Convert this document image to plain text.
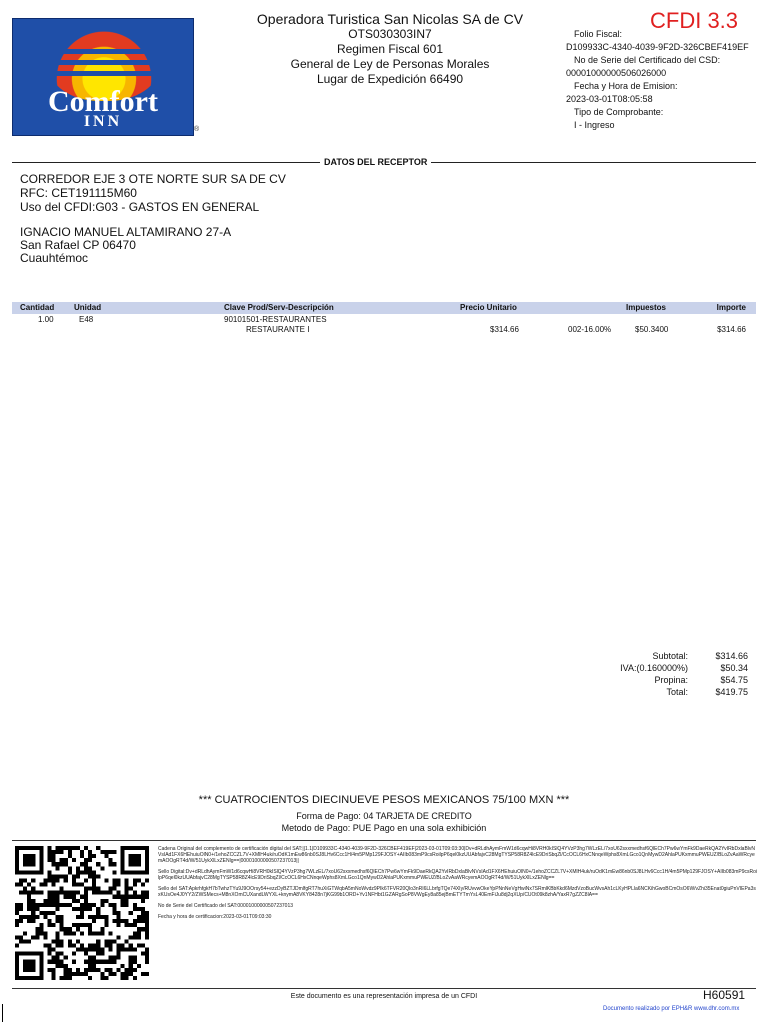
Comfort
INN	®
Operadora Turistica San Nicolas SA de CV
OTS030303IN7
Regimen Fiscal 601
General de Ley de Personas Morales
Lugar de Expedición 66490
CFDI 3.3
Folio Fiscal:
D109933C-4340-4039-9F2D-326CBEF419EF
No de Serie del Certificado del CSD:
00001000000506026000
Fecha y Hora de Emision:
2023-03-01T08:05:58
Tipo de Comprobante:
I - Ingreso
DATOS DEL RECEPTOR
CORREDOR EJE 3 OTE NORTE SUR SA DE CV
RFC: CET191115M60
Uso del CFDI:G03 - GASTOS EN GENERAL
IGNACIO MANUEL ALTAMIRANO 27-A
San Rafael CP 06470
Cuauhtémoc
Cantidad Unidad	Clave Prod/Serv-Descripción	Precio Unitario	Impuestos	Importe
1.00	E48	90101501-RESTAURANTES
RESTAURANTE I	$314.66	002-16.00%	$50.3400	$314.66
Subtotal:	$314.66
IVA:(0.160000%)	$50.34
Propina:	$54.75
Total:	$419.75
*** CUATROCIENTOS DIECINUEVE PESOS MEXICANOS 75/100 MXN ***
Forma de Pago: 04 TARJETA DE CREDITO
Metodo de Pago: PUE Pago en una sola exhibición

Cadena Original del complemento de certificación digital del SAT:||1.1|D109933C-4340-4039-9F2D-326CBEF419EF|2023-03-01T09:03:30|Dv+dRLdhAymFmW1d6cqwHi8VRH0kISlQ4YVzP3hg7WLzEL/7xoU62sxxmedhsf6QlECh7Pw6wYmFk9DaeRkQA2YvIRbDxlaBlvNVsIAd1FX6HEhuiuOlN0+/1ehoZCCZL7V+XMlH4uk/ruOdK1mEw86nb0SJ8LHv6Ccc1H/4m5PMp129FJOSY+AIIb083mP9csRoilpP6qel0kzUUAbfajvC28MgTYSP58R8Z4lcE9DriSbqZl/CcOCL6HxCNnqeWphs8XmLGco1QnMywD2AhlaPUKxmmuPWEUZ/BLoZvAaWRcyemAOOgRT4d/W/51UykXlLxZENlg==|00001000000507237013||

Sello Digital:Dv+dRLdhAymFmW1d6cqwHi8VRH0kISlQ4YVzP3hg7WLzEL/7xoU62sxxmedhsf6QlECh7Pw6wYmFk9DaeRkQA2YvIRbDxlaBlvNVsIAd1FX6HEhuiuOlN0+/1ehoZCCZL7V+XMlH4uk/ruOdK1mEw86nb0SJ8LHv6Ccc1H/4m5PMp129FJOSY+AIIb083mP9csRoilpP6qel0kzUUAbfajvC28MgTYSP58R8Z4lcE9DriSbqZl/CcOCL6HxCNnqeWphs8XmLGco1QnMywD2AhlaPUKxmmuPWEUZ/BLoZvAaWRcyemAOOgRT4d/W/51UykXlLxZENlg==

Sello del SAT:ApkrhfgkH7bTwhzTYu9J9OOrsy54+ezzDyBZTJDmlfgRT7huXiGTWqbA5mNoWvdz9PIk6TFVR20Qlo3nRI6LLbrfgTQe74XIy/RUvvwOkeYpPNnNeVgHwiNx7SRmlKBbKkd6MzdVzoBucWvsAh1cLKyHPLla6NCKihGwoBCmOsO6W/vZhi35Enat0giuPnVIEPa3sxKUsOe4J0YY2/ZWSMecs+M8nXOmCUXandLWYXL+knymA8VKY8428n7jKG99b1ORD+Yv1NFHbt1GZARgSoP8VWgEy8a85ejBmETYTmYsL40EmFiJu8dj2qXUp/CUOt09k8zhA/YaxR7gZZC8lA==

No de Serie del Certificado del SAT:00001000000507237013

Fecha y hora de certificacion:2023-03-01T09:03:30

Este documento es una representación impresa de un CFDI	H60591
Documento realizado por EPH&R www.dhr.com.mx
